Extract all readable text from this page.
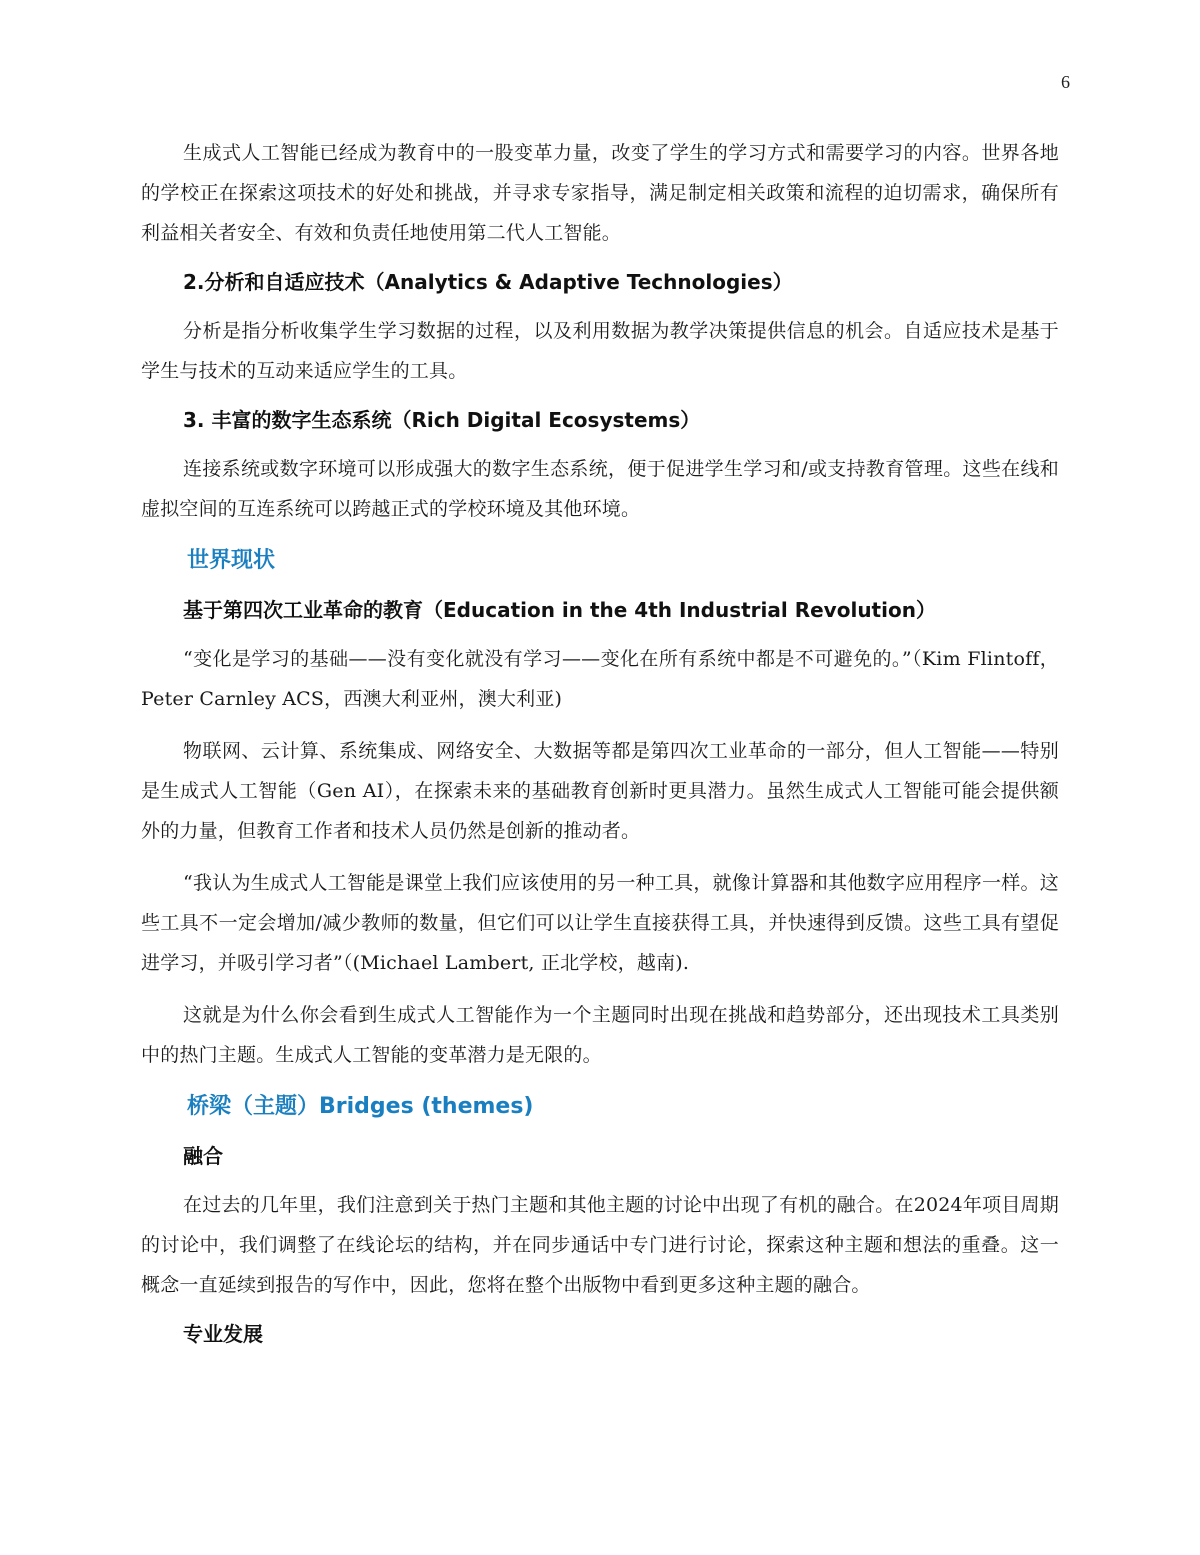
6

生成式人工智能已经成为教育中的一股变革力量，改变了学生的学习方式和需要学习的内容。世界各地的学校正在探索这项技术的好处和挑战，并寻求专家指导，满足制定相关政策和流程的迫切需求，确保所有利益相关者安全、有效和负责任地使用第二代人工智能。

2.分析和自适应技术（Analytics & Adaptive Technologies）

分析是指分析收集学生学习数据的过程，以及利用数据为教学决策提供信息的机会。自适应技术是基于学生与技术的互动来适应学生的工具。

3. 丰富的数字生态系统（Rich Digital Ecosystems）

连接系统或数字环境可以形成强大的数字生态系统，便于促进学生学习和/或支持教育管理。这些在线和虚拟空间的互连系统可以跨越正式的学校环境及其他环境。

世界现状
基于第四次工业革命的教育（Education in the 4th Industrial Revolution）

“变化是学习的基础——没有变化就没有学习——变化在所有系统中都是不可避免的。”（Kim Flintoff，Peter Carnley ACS，西澳大利亚州，澳大利亚)

物联网、云计算、系统集成、网络安全、大数据等都是第四次工业革命的一部分，但人工智能——特别是生成式人工智能（Gen AI），在探索未来的基础教育创新时更具潜力。虽然生成式人工智能可能会提供额外的力量，但教育工作者和技术人员仍然是创新的推动者。

“我认为生成式人工智能是课堂上我们应该使用的另一种工具，就像计算器和其他数字应用程序一样。这些工具不一定会增加/减少教师的数量，但它们可以让学生直接获得工具，并快速得到反馈。这些工具有望促进学习，并吸引学习者”（(Michael Lambert, 正北学校，越南).

这就是为什么你会看到生成式人工智能作为一个主题同时出现在挑战和趋势部分，还出现技术工具类别中的热门主题。生成式人工智能的变革潜力是无限的。

桥梁（主题）Bridges (themes)
融合

在过去的几年里，我们注意到关于热门主题和其他主题的讨论中出现了有机的融合。在2024年项目周期的讨论中，我们调整了在线论坛的结构，并在同步通话中专门进行讨论，探索这种主题和想法的重叠。这一概念一直延续到报告的写作中，因此，您将在整个出版物中看到更多这种主题的融合。

专业发展
